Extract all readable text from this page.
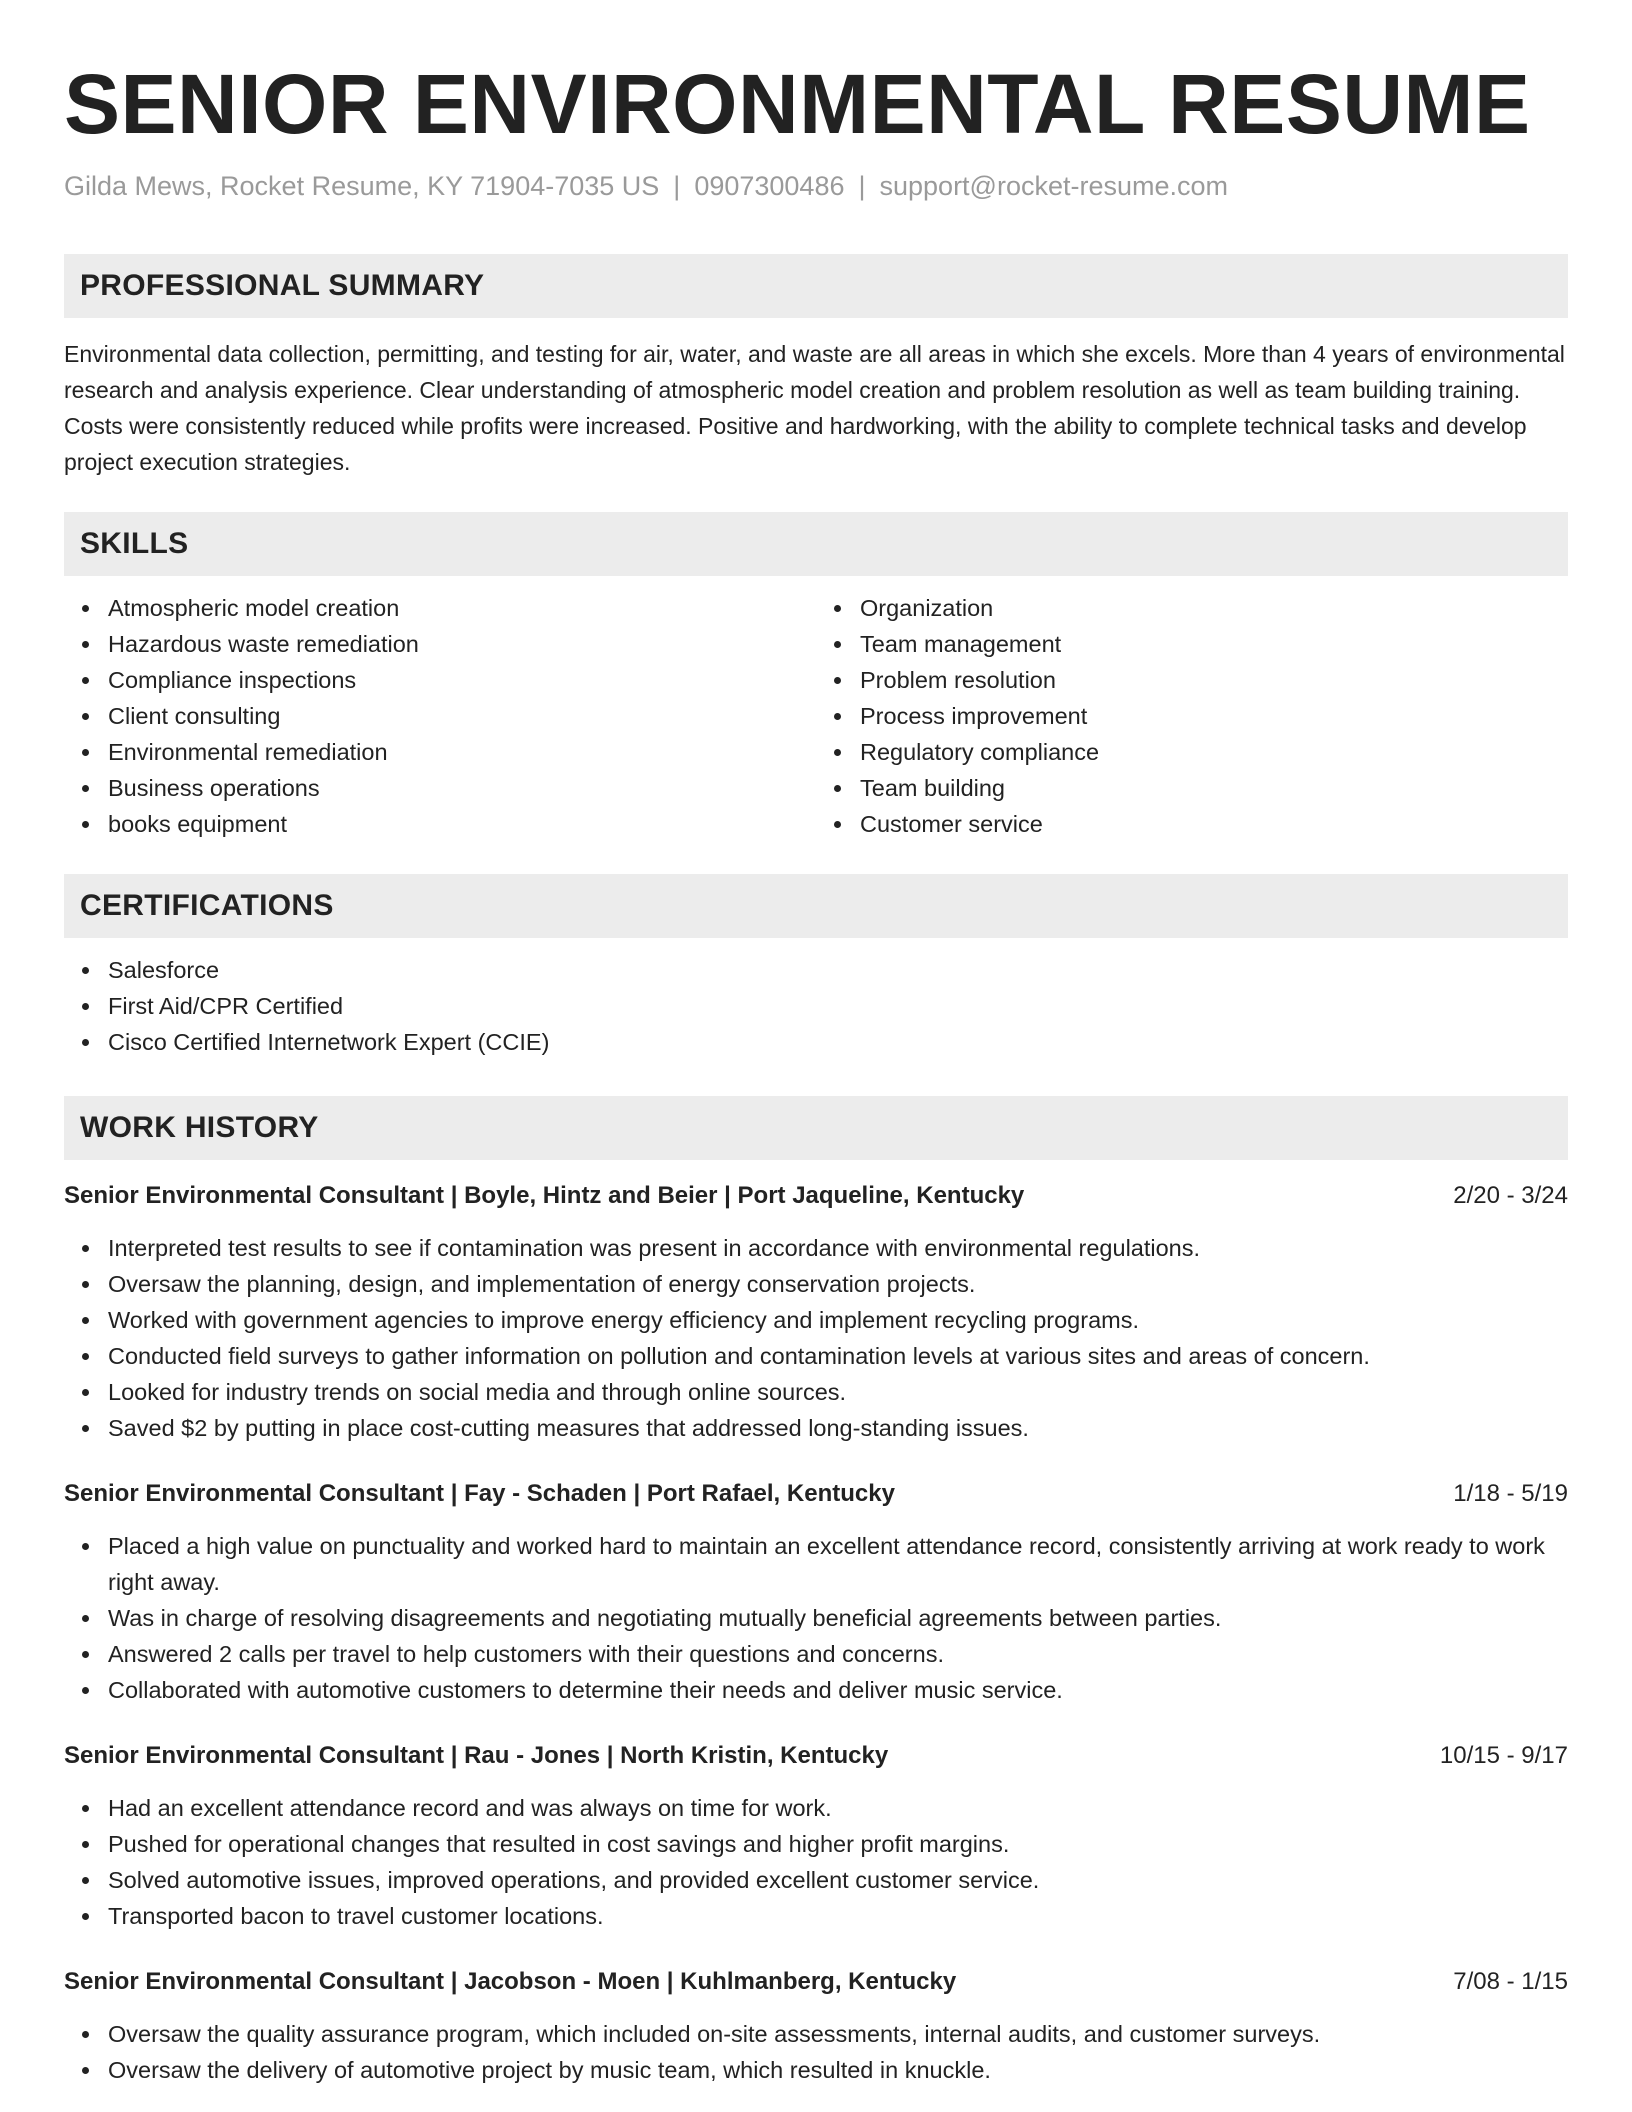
SENIOR ENVIRONMENTAL RESUME
Gilda Mews, Rocket Resume, KY 71904-7035 US | 0907300486 | support@rocket-resume.com
PROFESSIONAL SUMMARY
Environmental data collection, permitting, and testing for air, water, and waste are all areas in which she excels. More than 4 years of environmental research and analysis experience. Clear understanding of atmospheric model creation and problem resolution as well as team building training. Costs were consistently reduced while profits were increased. Positive and hardworking, with the ability to complete technical tasks and develop project execution strategies.
SKILLS
Atmospheric model creation
Hazardous waste remediation
Compliance inspections
Client consulting
Environmental remediation
Business operations
books equipment
Organization
Team management
Problem resolution
Process improvement
Regulatory compliance
Team building
Customer service
CERTIFICATIONS
Salesforce
First Aid/CPR Certified
Cisco Certified Internetwork Expert (CCIE)
WORK HISTORY
Senior Environmental Consultant | Boyle, Hintz and Beier | Port Jaqueline, Kentucky	2/20 - 3/24
Interpreted test results to see if contamination was present in accordance with environmental regulations.
Oversaw the planning, design, and implementation of energy conservation projects.
Worked with government agencies to improve energy efficiency and implement recycling programs.
Conducted field surveys to gather information on pollution and contamination levels at various sites and areas of concern.
Looked for industry trends on social media and through online sources.
Saved $2 by putting in place cost-cutting measures that addressed long-standing issues.
Senior Environmental Consultant | Fay - Schaden | Port Rafael, Kentucky	1/18 - 5/19
Placed a high value on punctuality and worked hard to maintain an excellent attendance record, consistently arriving at work ready to work right away.
Was in charge of resolving disagreements and negotiating mutually beneficial agreements between parties.
Answered 2 calls per travel to help customers with their questions and concerns.
Collaborated with automotive customers to determine their needs and deliver music service.
Senior Environmental Consultant | Rau - Jones | North Kristin, Kentucky	10/15 - 9/17
Had an excellent attendance record and was always on time for work.
Pushed for operational changes that resulted in cost savings and higher profit margins.
Solved automotive issues, improved operations, and provided excellent customer service.
Transported bacon to travel customer locations.
Senior Environmental Consultant | Jacobson - Moen | Kuhlmanberg, Kentucky	7/08 - 1/15
Oversaw the quality assurance program, which included on-site assessments, internal audits, and customer surveys.
Oversaw the delivery of automotive project by music team, which resulted in knuckle.
